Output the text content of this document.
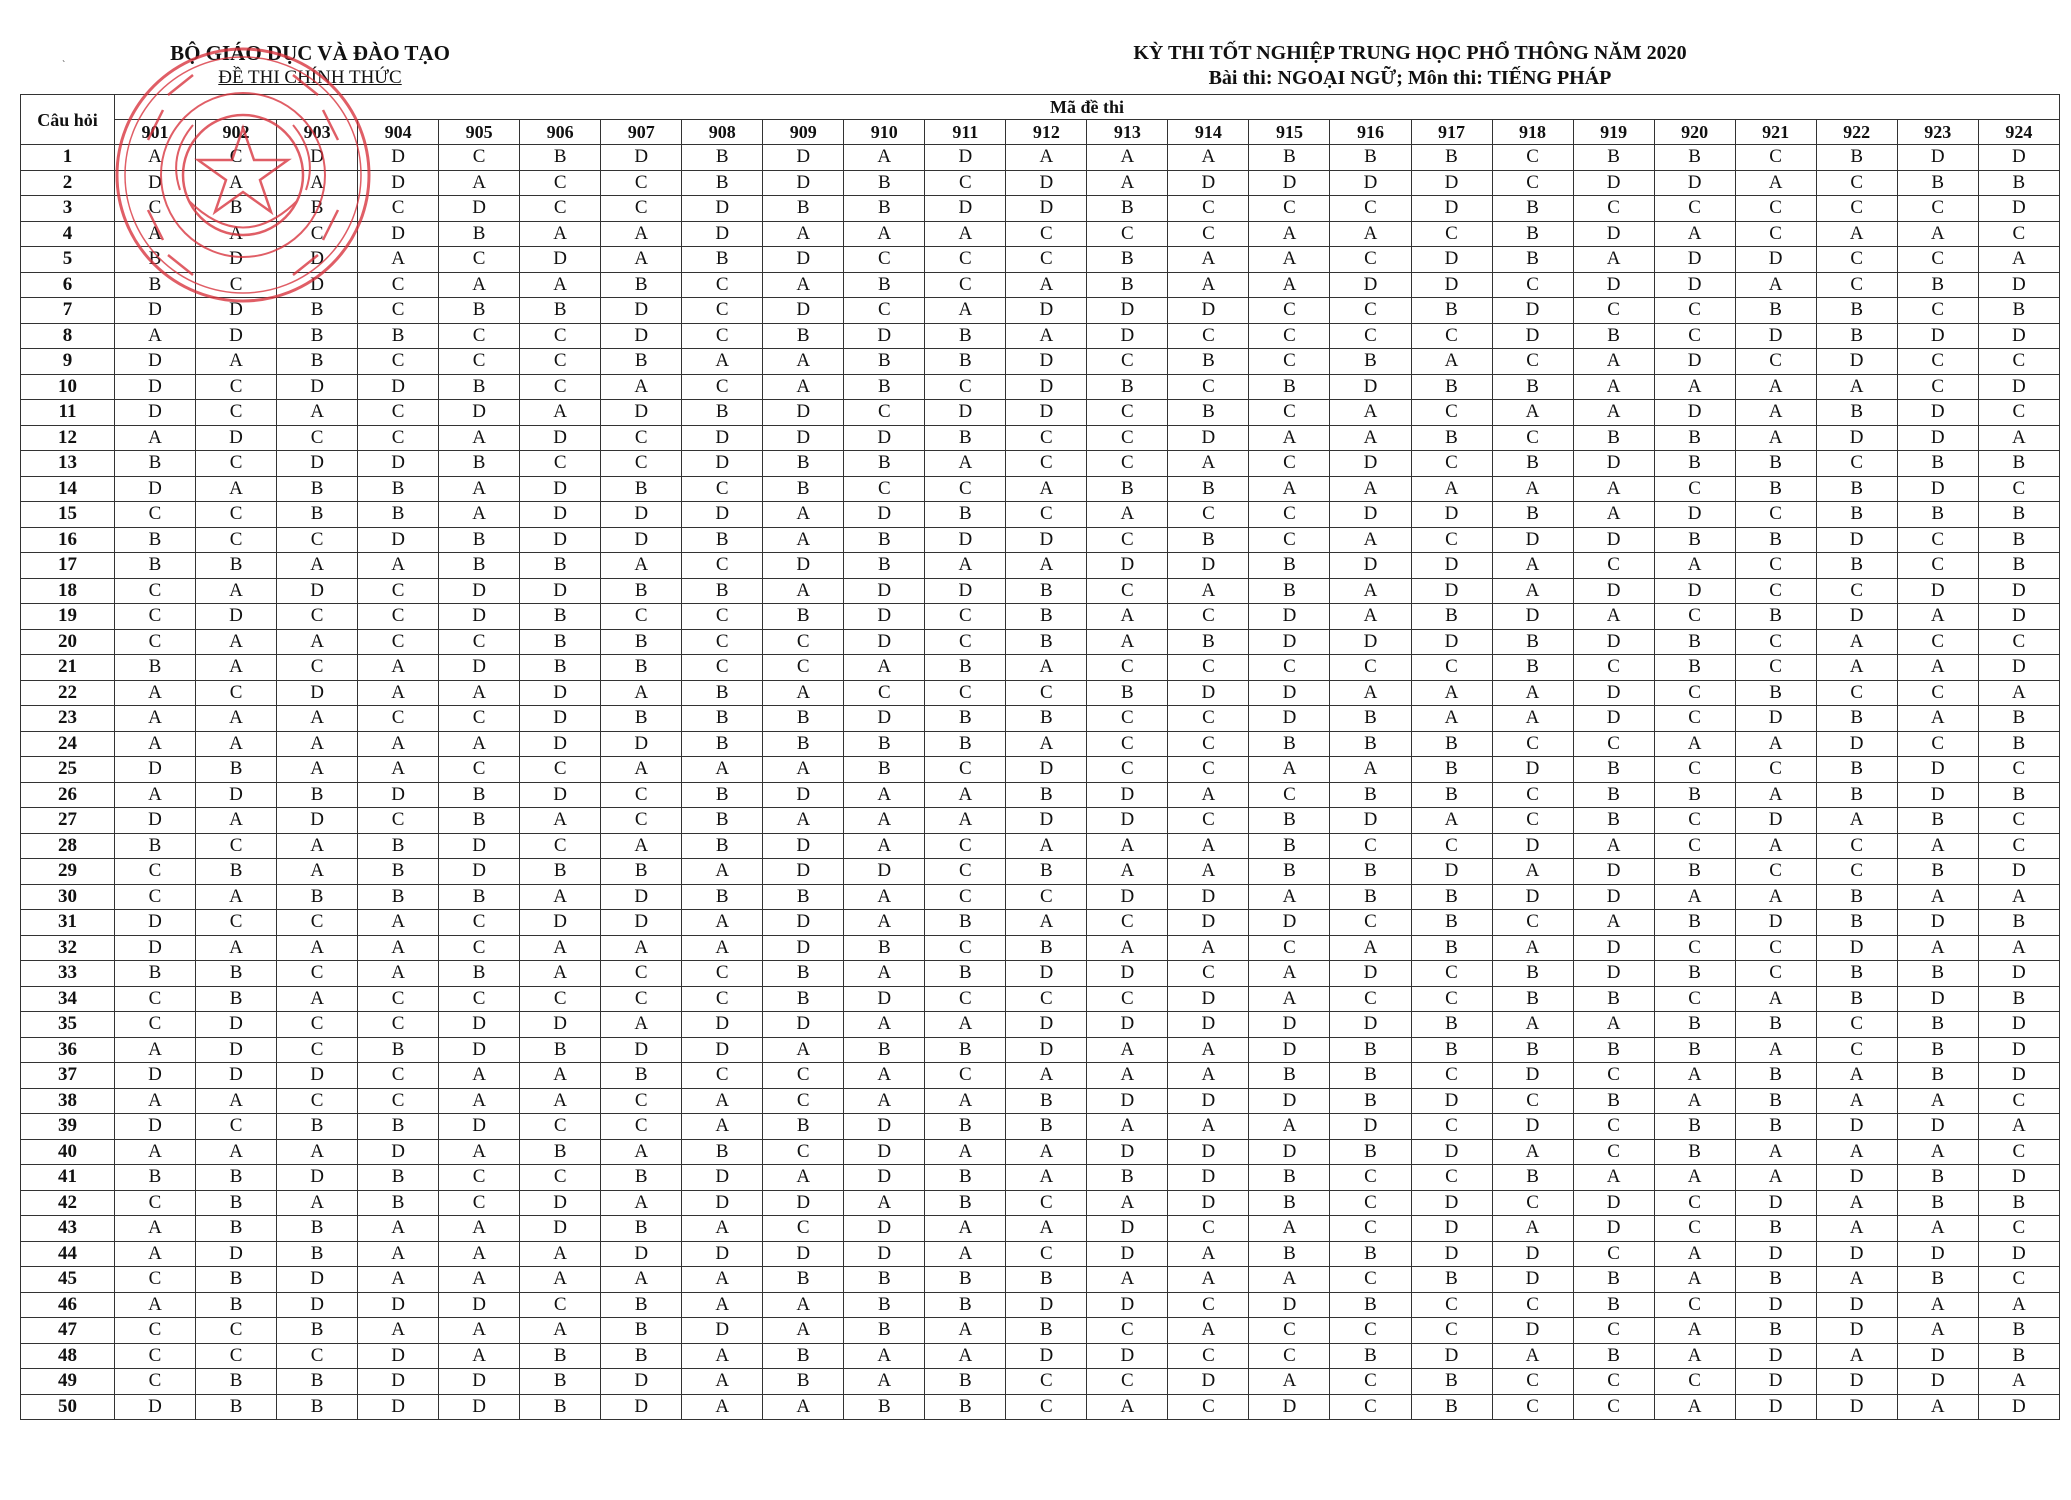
`
BỘ GIÁO DỤC VÀ ĐÀO TẠO
ĐỀ THI CHÍNH THỨC
KỲ THI TỐT NGHIỆP TRUNG HỌC PHỔ THÔNG NĂM 2020
Bài thi: NGOẠI NGỮ; Môn thi: TIẾNG PHÁP
Câu hỏi	Mã đề thi																							
	901	902	903	904	905	906	907	908	909	910	911	912	913	914	915	916	917	918	919	920	921	922	923	924
1	A	C	D	D	C	B	D	B	D	A	D	A	A	A	B	B	B	C	B	B	C	B	D	D
2	D	A	A	D	A	C	C	B	D	B	C	D	A	D	D	D	D	C	D	D	A	C	B	B
3	C	B	B	C	D	C	C	D	B	B	D	D	B	C	C	C	D	B	C	C	C	C	C	D
4	A	A	C	D	B	A	A	D	A	A	A	C	C	C	A	A	C	B	D	A	C	A	A	C
5	B	D	D	A	C	D	A	B	D	C	C	C	B	A	A	C	D	B	A	D	D	C	C	A
6	B	C	D	C	A	A	B	C	A	B	C	A	B	A	A	D	D	C	D	D	A	C	B	D
7	D	D	B	C	B	B	D	C	D	C	A	D	D	D	C	C	B	D	C	C	B	B	C	B
8	A	D	B	B	C	C	D	C	B	D	B	A	D	C	C	C	C	D	B	C	D	B	D	D
9	D	A	B	C	C	C	B	A	A	B	B	D	C	B	C	B	A	C	A	D	C	D	C	C
10	D	C	D	D	B	C	A	C	A	B	C	D	B	C	B	D	B	B	A	A	A	A	C	D
11	D	C	A	C	D	A	D	B	D	C	D	D	C	B	C	A	C	A	A	D	A	B	D	C
12	A	D	C	C	A	D	C	D	D	D	B	C	C	D	A	A	B	C	B	B	A	D	D	A
13	B	C	D	D	B	C	C	D	B	B	A	C	C	A	C	D	C	B	D	B	B	C	B	B
14	D	A	B	B	A	D	B	C	B	C	C	A	B	B	A	A	A	A	A	C	B	B	D	C
15	C	C	B	B	A	D	D	D	A	D	B	C	A	C	C	D	D	B	A	D	C	B	B	B
16	B	C	C	D	B	D	D	B	A	B	D	D	C	B	C	A	C	D	D	B	B	D	C	B
17	B	B	A	A	B	B	A	C	D	B	A	A	D	D	B	D	D	A	C	A	C	B	C	B
18	C	A	D	C	D	D	B	B	A	D	D	B	C	A	B	A	D	A	D	D	C	C	D	D
19	C	D	C	C	D	B	C	C	B	D	C	B	A	C	D	A	B	D	A	C	B	D	A	D
20	C	A	A	C	C	B	B	C	C	D	C	B	A	B	D	D	D	B	D	B	C	A	C	C
21	B	A	C	A	D	B	B	C	C	A	B	A	C	C	C	C	C	B	C	B	C	A	A	D
22	A	C	D	A	A	D	A	B	A	C	C	C	B	D	D	A	A	A	D	C	B	C	C	A
23	A	A	A	C	C	D	B	B	B	D	B	B	C	C	D	B	A	A	D	C	D	B	A	B
24	A	A	A	A	A	D	D	B	B	B	B	A	C	C	B	B	B	C	C	A	A	D	C	B
25	D	B	A	A	C	C	A	A	A	B	C	D	C	C	A	A	B	D	B	C	C	B	D	C
26	A	D	B	D	B	D	C	B	D	A	A	B	D	A	C	B	B	C	B	B	A	B	D	B
27	D	A	D	C	B	A	C	B	A	A	A	D	D	C	B	D	A	C	B	C	D	A	B	C
28	B	C	A	B	D	C	A	B	D	A	C	A	A	A	B	C	C	D	A	C	A	C	A	C
29	C	B	A	B	D	B	B	A	D	D	C	B	A	A	B	B	D	A	D	B	C	C	B	D
30	C	A	B	B	B	A	D	B	B	A	C	C	D	D	A	B	B	D	D	A	A	B	A	A
31	D	C	C	A	C	D	D	A	D	A	B	A	C	D	D	C	B	C	A	B	D	B	D	B
32	D	A	A	A	C	A	A	A	D	B	C	B	A	A	C	A	B	A	D	C	C	D	A	A
33	B	B	C	A	B	A	C	C	B	A	B	D	D	C	A	D	C	B	D	B	C	B	B	D
34	C	B	A	C	C	C	C	C	B	D	C	C	C	D	A	C	C	B	B	C	A	B	D	B
35	C	D	C	C	D	D	A	D	D	A	A	D	D	D	D	D	B	A	A	B	B	C	B	D
36	A	D	C	B	D	B	D	D	A	B	B	D	A	A	D	B	B	B	B	B	A	C	B	D
37	D	D	D	C	A	A	B	C	C	A	C	A	A	A	B	B	C	D	C	A	B	A	B	D
38	A	A	C	C	A	A	C	A	C	A	A	B	D	D	D	B	D	C	B	A	B	A	A	C
39	D	C	B	B	D	C	C	A	B	D	B	B	A	A	A	D	C	D	C	B	B	D	D	A
40	A	A	A	D	A	B	A	B	C	D	A	A	D	D	D	B	D	A	C	B	A	A	A	C
41	B	B	D	B	C	C	B	D	A	D	B	A	B	D	B	C	C	B	A	A	A	D	B	D
42	C	B	A	B	C	D	A	D	D	A	B	C	A	D	B	C	D	C	D	C	D	A	B	B
43	A	B	B	A	A	D	B	A	C	D	A	A	D	C	A	C	D	A	D	C	B	A	A	C
44	A	D	B	A	A	A	D	D	D	D	A	C	D	A	B	B	D	D	C	A	D	D	D	D
45	C	B	D	A	A	A	A	A	B	B	B	B	A	A	A	C	B	D	B	A	B	A	B	C
46	A	B	D	D	D	C	B	A	A	B	B	D	D	C	D	B	C	C	B	C	D	D	A	A
47	C	C	B	A	A	A	B	D	A	B	A	B	C	A	C	C	C	D	C	A	B	D	A	B
48	C	C	C	D	A	B	B	A	B	A	A	D	D	C	C	B	D	A	B	A	D	A	D	B
49	C	B	B	D	D	B	D	A	B	A	B	C	C	D	A	C	B	C	C	C	D	D	D	A
50	D	B	B	D	D	B	D	A	A	B	B	C	A	C	D	C	B	C	C	A	D	D	A	D
